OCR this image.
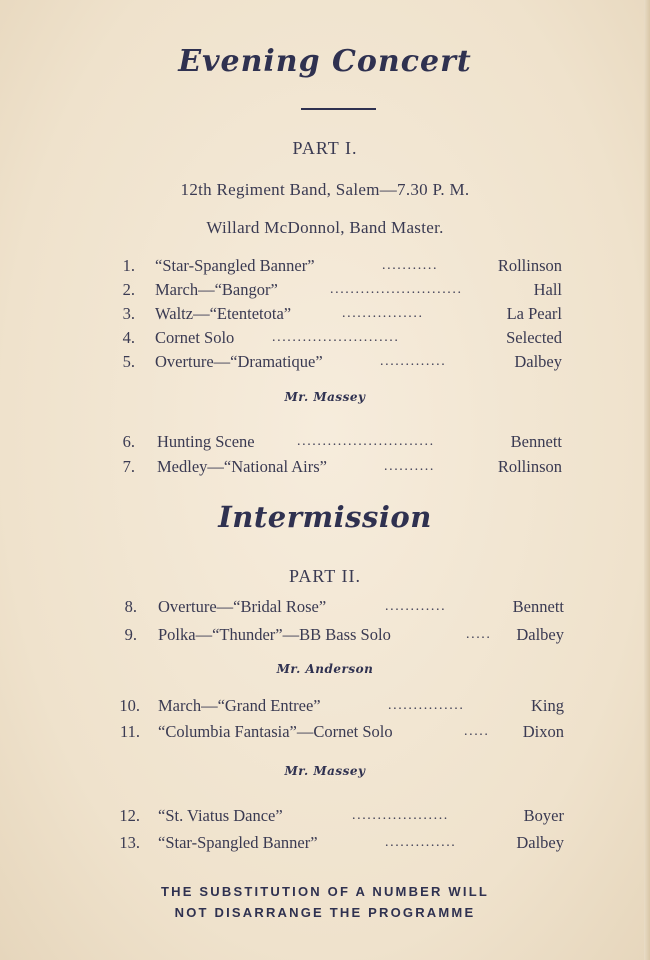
Evening Concert
PART I.
12th Regiment Band, Salem—7.30 P. M.
Willard McDonnol, Band Master.
1. “Star-Spangled Banner”	...........	Rollinson
2. March—“Bangor”	..........................	Hall
3. Waltz—“Etentetota”	................	La Pearl
4. Cornet Solo	.........................	Selected
5. Overture—“Dramatique”	.............	Dalbey
Mr. Massey
6. Hunting Scene	...........................	Bennett
7. Medley—“National Airs”	..........	Rollinson
Intermission
PART II.
8. Overture—“Bridal Rose”	............	Bennett
9. Polka—“Thunder”—BB Bass Solo	.....	Dalbey
Mr. Anderson
10. March—“Grand Entree”	...............	King
11. “Columbia Fantasia”—Cornet Solo	.....	Dixon
Mr. Massey
12. “St. Viatus Dance”	...................	Boyer
13. “Star-Spangled Banner”	..............	Dalbey
THE SUBSTITUTION OF A NUMBER WILL
NOT DISARRANGE THE PROGRAMME
